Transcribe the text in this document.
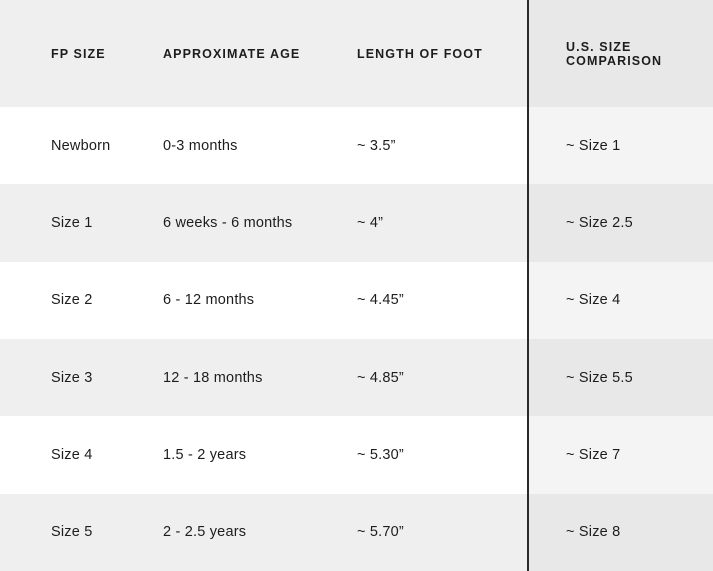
FP SIZE	APPROXIMATE AGE	LENGTH OF FOOT	U.S. SIZE COMPARISON

Newborn	0-3 months	~ 3.5”	~ Size 1
Size 1	6 weeks - 6 months	~ 4”	~ Size 2.5
Size 2	6 - 12 months	~ 4.45”	~ Size 4
Size 3	12 - 18 months	~ 4.85”	~ Size 5.5
Size 4	1.5 - 2 years	~ 5.30”	~ Size 7
Size 5	2 - 2.5 years	~ 5.70”	~ Size 8
